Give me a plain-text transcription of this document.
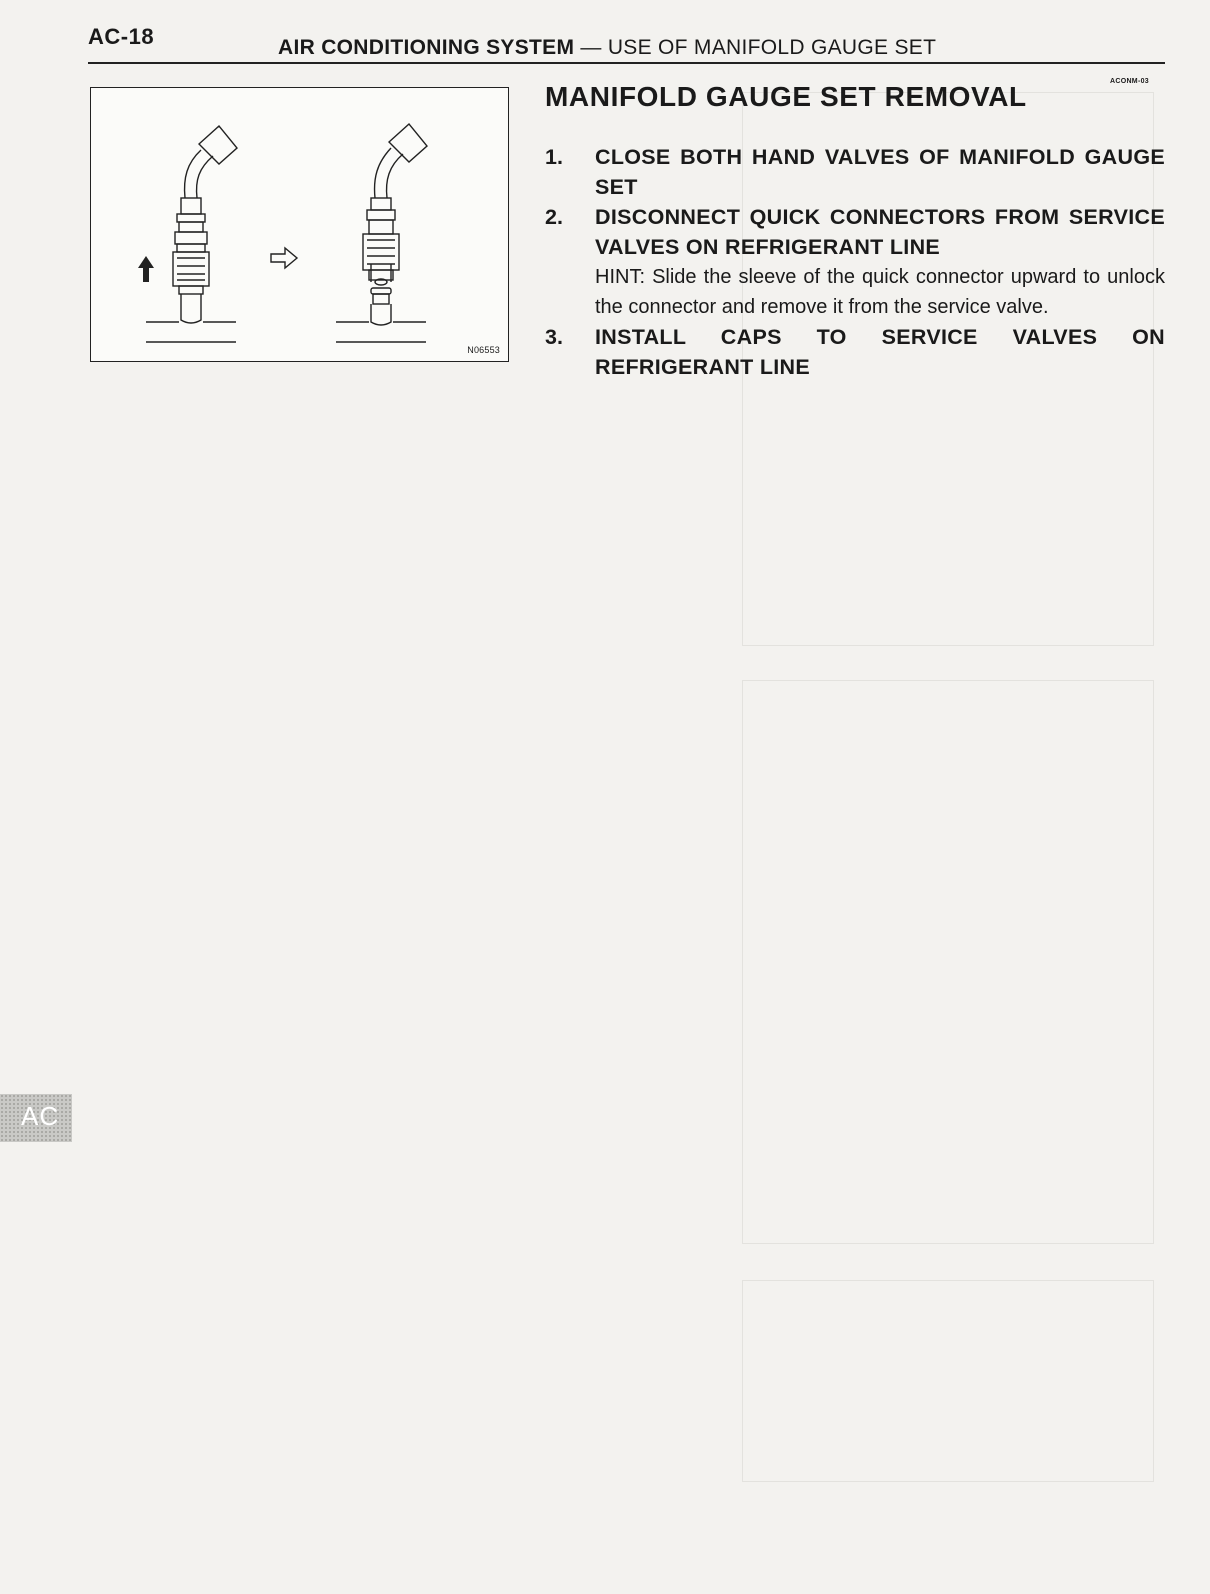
AC-18	AIR CONDITIONING SYSTEM — USE OF MANIFOLD GAUGE SET
ACONM-03
N06553
MANIFOLD GAUGE SET REMOVAL
1.	CLOSE BOTH HAND VALVES OF MANIFOLD GAUGE SET
2.	DISCONNECT QUICK CONNECTORS FROM SERVICE VALVES ON REFRIGERANT LINE
HINT: Slide the sleeve of the quick connector upward to unlock the connector and remove it from the service valve.
3.	INSTALL CAPS TO SERVICE VALVES ON REFRIGERANT LINE
AC
